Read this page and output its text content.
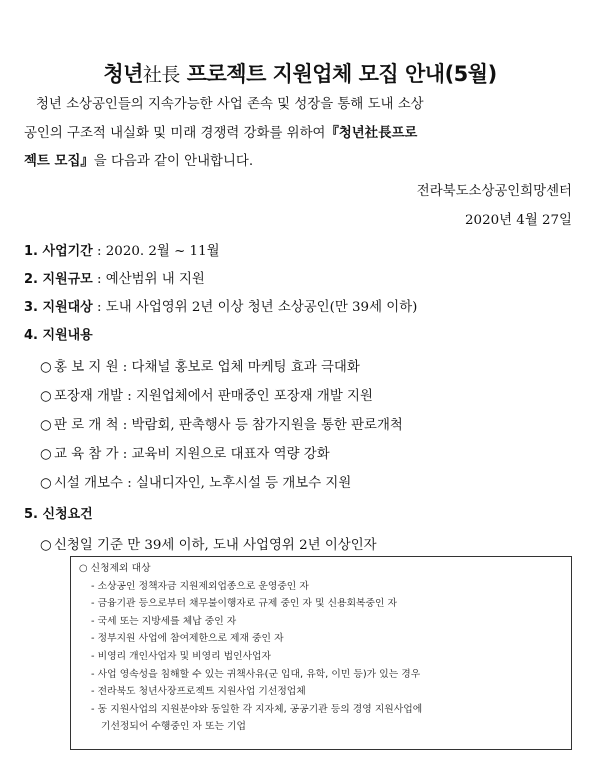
청년社長 프로젝트 지원업체 모집 안내(5월)
청년 소상공인들의 지속가능한 사업 존속 및 성장을 통해 도내 소상
공인의 구조적 내실화 및 미래 경쟁력 강화를 위하여『청년社長프로
젝트 모집』을 다음과 같이 안내합니다.
전라북도소상공인희망센터
2020년 4월 27일
1. 사업기간 : 2020. 2월 ~ 11월
2. 지원규모 : 예산범위 내 지원
3. 지원대상 : 도내 사업영위 2년 이상 청년 소상공인(만 39세 이하)
4. 지원내용
○ 홍 보 지 원 : 다채널 홍보로 업체 마케팅 효과 극대화
○ 포장재 개발 : 지원업체에서 판매중인 포장재 개발 지원
○ 판 로 개 척 : 박람회, 판촉행사 등 참가지원을 통한 판로개척
○ 교 육 참 가 : 교육비 지원으로 대표자 역량 강화
○ 시설 개보수 : 실내디자인, 노후시설 등 개보수 지원
5. 신청요건
○ 신청일 기준 만 39세 이하, 도내 사업영위 2년 이상인자
○ 신청제외 대상
- 소상공인 정책자금 지원제외업종으로 운영중인 자
- 금융기관 등으로부터 채무불이행자로 규제 중인 자 및 신용회복중인 자
- 국세 또는 지방세를 체납 중인 자
- 정부지원 사업에 참여제한으로 제재 중인 자
- 비영리 개인사업자 및 비영리 법인사업자
- 사업 영속성을 침해할 수 있는 귀책사유(군 입대, 유학, 이민 등)가 있는 경우
- 전라북도 청년사장프로젝트 지원사업 기선정업체
- 동 지원사업의 지원분야와 동일한 각 지자체, 공공기관 등의 경영 지원사업에
기선정되어 수행중인 자 또는 기업
